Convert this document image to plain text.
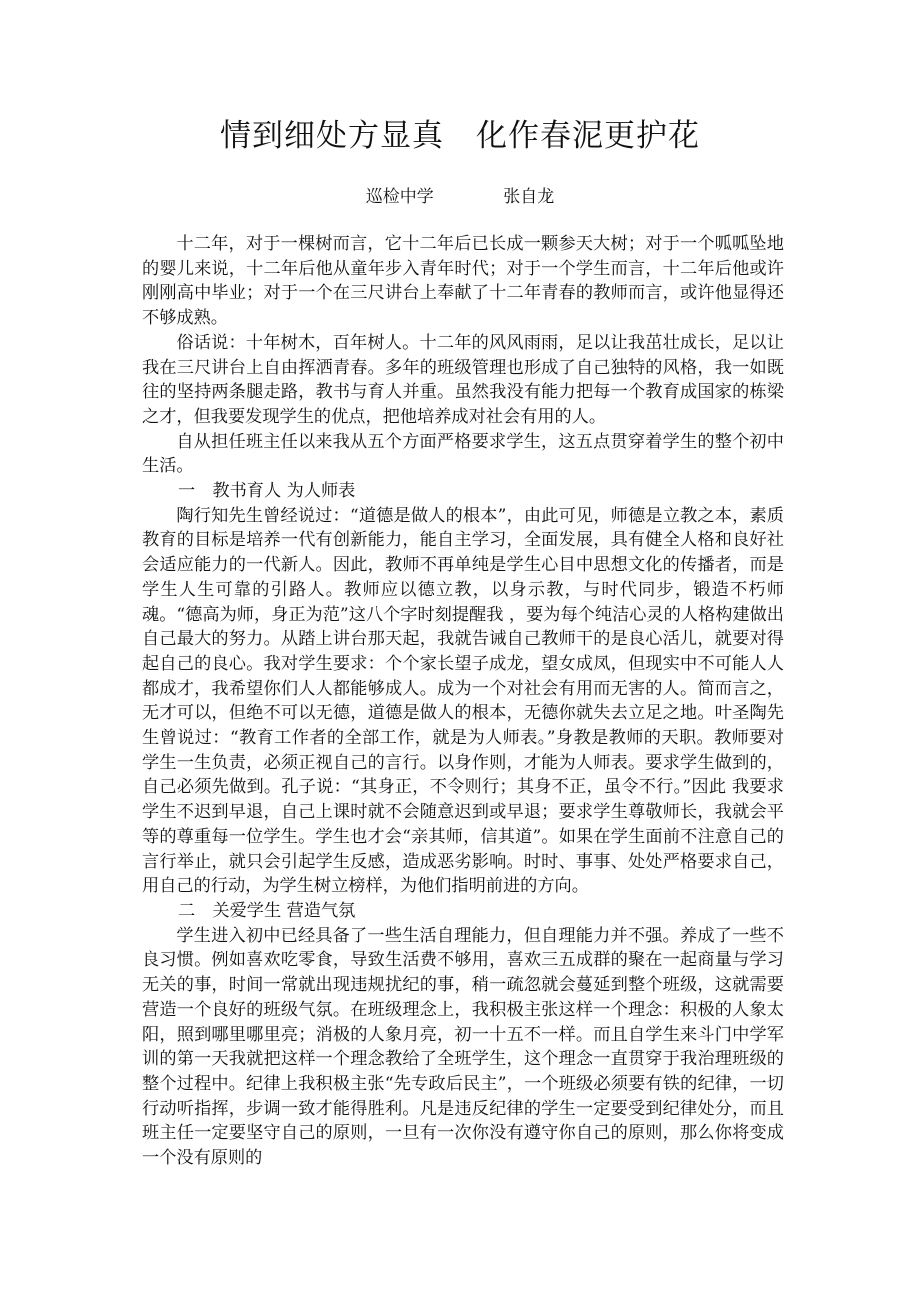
情到细处方显真　化作春泥更护花
巡检中学	张自龙

十二年，对于一棵树而言，它十二年后已长成一颗参天大树；对于一个呱呱坠地的婴儿来说，十二年后他从童年步入青年时代；对于一个学生而言，十二年后他或许刚刚高中毕业；对于一个在三尺讲台上奉献了十二年青春的教师而言，或许他显得还不够成熟。

俗话说：十年树木，百年树人。十二年的风风雨雨，足以让我茁壮成长，足以让我在三尺讲台上自由挥洒青春。多年的班级管理也形成了自己独特的风格，我一如既往的坚持两条腿走路，教书与育人并重。虽然我没有能力把每一个教育成国家的栋梁之才，但我要发现学生的优点，把他培养成对社会有用的人。

自从担任班主任以来我从五个方面严格要求学生，这五点贯穿着学生的整个初中生活。

一　教书育人 为人师表

陶行知先生曾经说过：“道德是做人的根本”，由此可见，师德是立教之本，素质教育的目标是培养一代有创新能力，能自主学习，全面发展，具有健全人格和良好社会适应能力的一代新人。因此，教师不再单纯是学生心目中思想文化的传播者，而是学生人生可靠的引路人。教师应以德立教，以身示教，与时代同步，锻造不朽师魂。“德高为师，身正为范”这八个字时刻提醒我 ，要为每个纯洁心灵的人格构建做出自己最大的努力。从踏上讲台那天起，我就告诫自己教师干的是良心活儿，就要对得起自己的良心。我对学生要求：个个家长望子成龙，望女成凤，但现实中不可能人人都成才，我希望你们人人都能够成人。成为一个对社会有用而无害的人。简而言之，无才可以，但绝不可以无德，道德是做人的根本，无德你就失去立足之地。叶圣陶先生曾说过：“教育工作者的全部工作，就是为人师表。”身教是教师的天职。教师要对学生一生负责，必须正视自己的言行。以身作则，才能为人师表。要求学生做到的，自己必须先做到。孔子说：“其身正，不令则行；其身不正，虽令不行。”因此 我要求学生不迟到早退，自己上课时就不会随意迟到或早退；要求学生尊敬师长，我就会平等的尊重每一位学生。学生也才会“亲其师，信其道”。如果在学生面前不注意自己的言行举止，就只会引起学生反感，造成恶劣影响。时时、事事、处处严格要求自己，用自己的行动，为学生树立榜样，为他们指明前进的方向。

二　关爱学生 营造气氛

学生进入初中已经具备了一些生活自理能力，但自理能力并不强。养成了一些不良习惯。例如喜欢吃零食，导致生活费不够用，喜欢三五成群的聚在一起商量与学习无关的事，时间一常就出现违规扰纪的事，稍一疏忽就会蔓延到整个班级，这就需要营造一个良好的班级气氛。在班级理念上，我积极主张这样一个理念：积极的人象太阳，照到哪里哪里亮；消极的人象月亮，初一十五不一样。而且自学生来斗门中学军训的第一天我就把这样一个理念教给了全班学生，这个理念一直贯穿于我治理班级的整个过程中。纪律上我积极主张“先专政后民主”，一个班级必须要有铁的纪律，一切行动听指挥，步调一致才能得胜利。凡是违反纪律的学生一定要受到纪律处分，而且班主任一定要坚守自己的原则，一旦有一次你没有遵守你自己的原则，那么你将变成一个没有原则的
